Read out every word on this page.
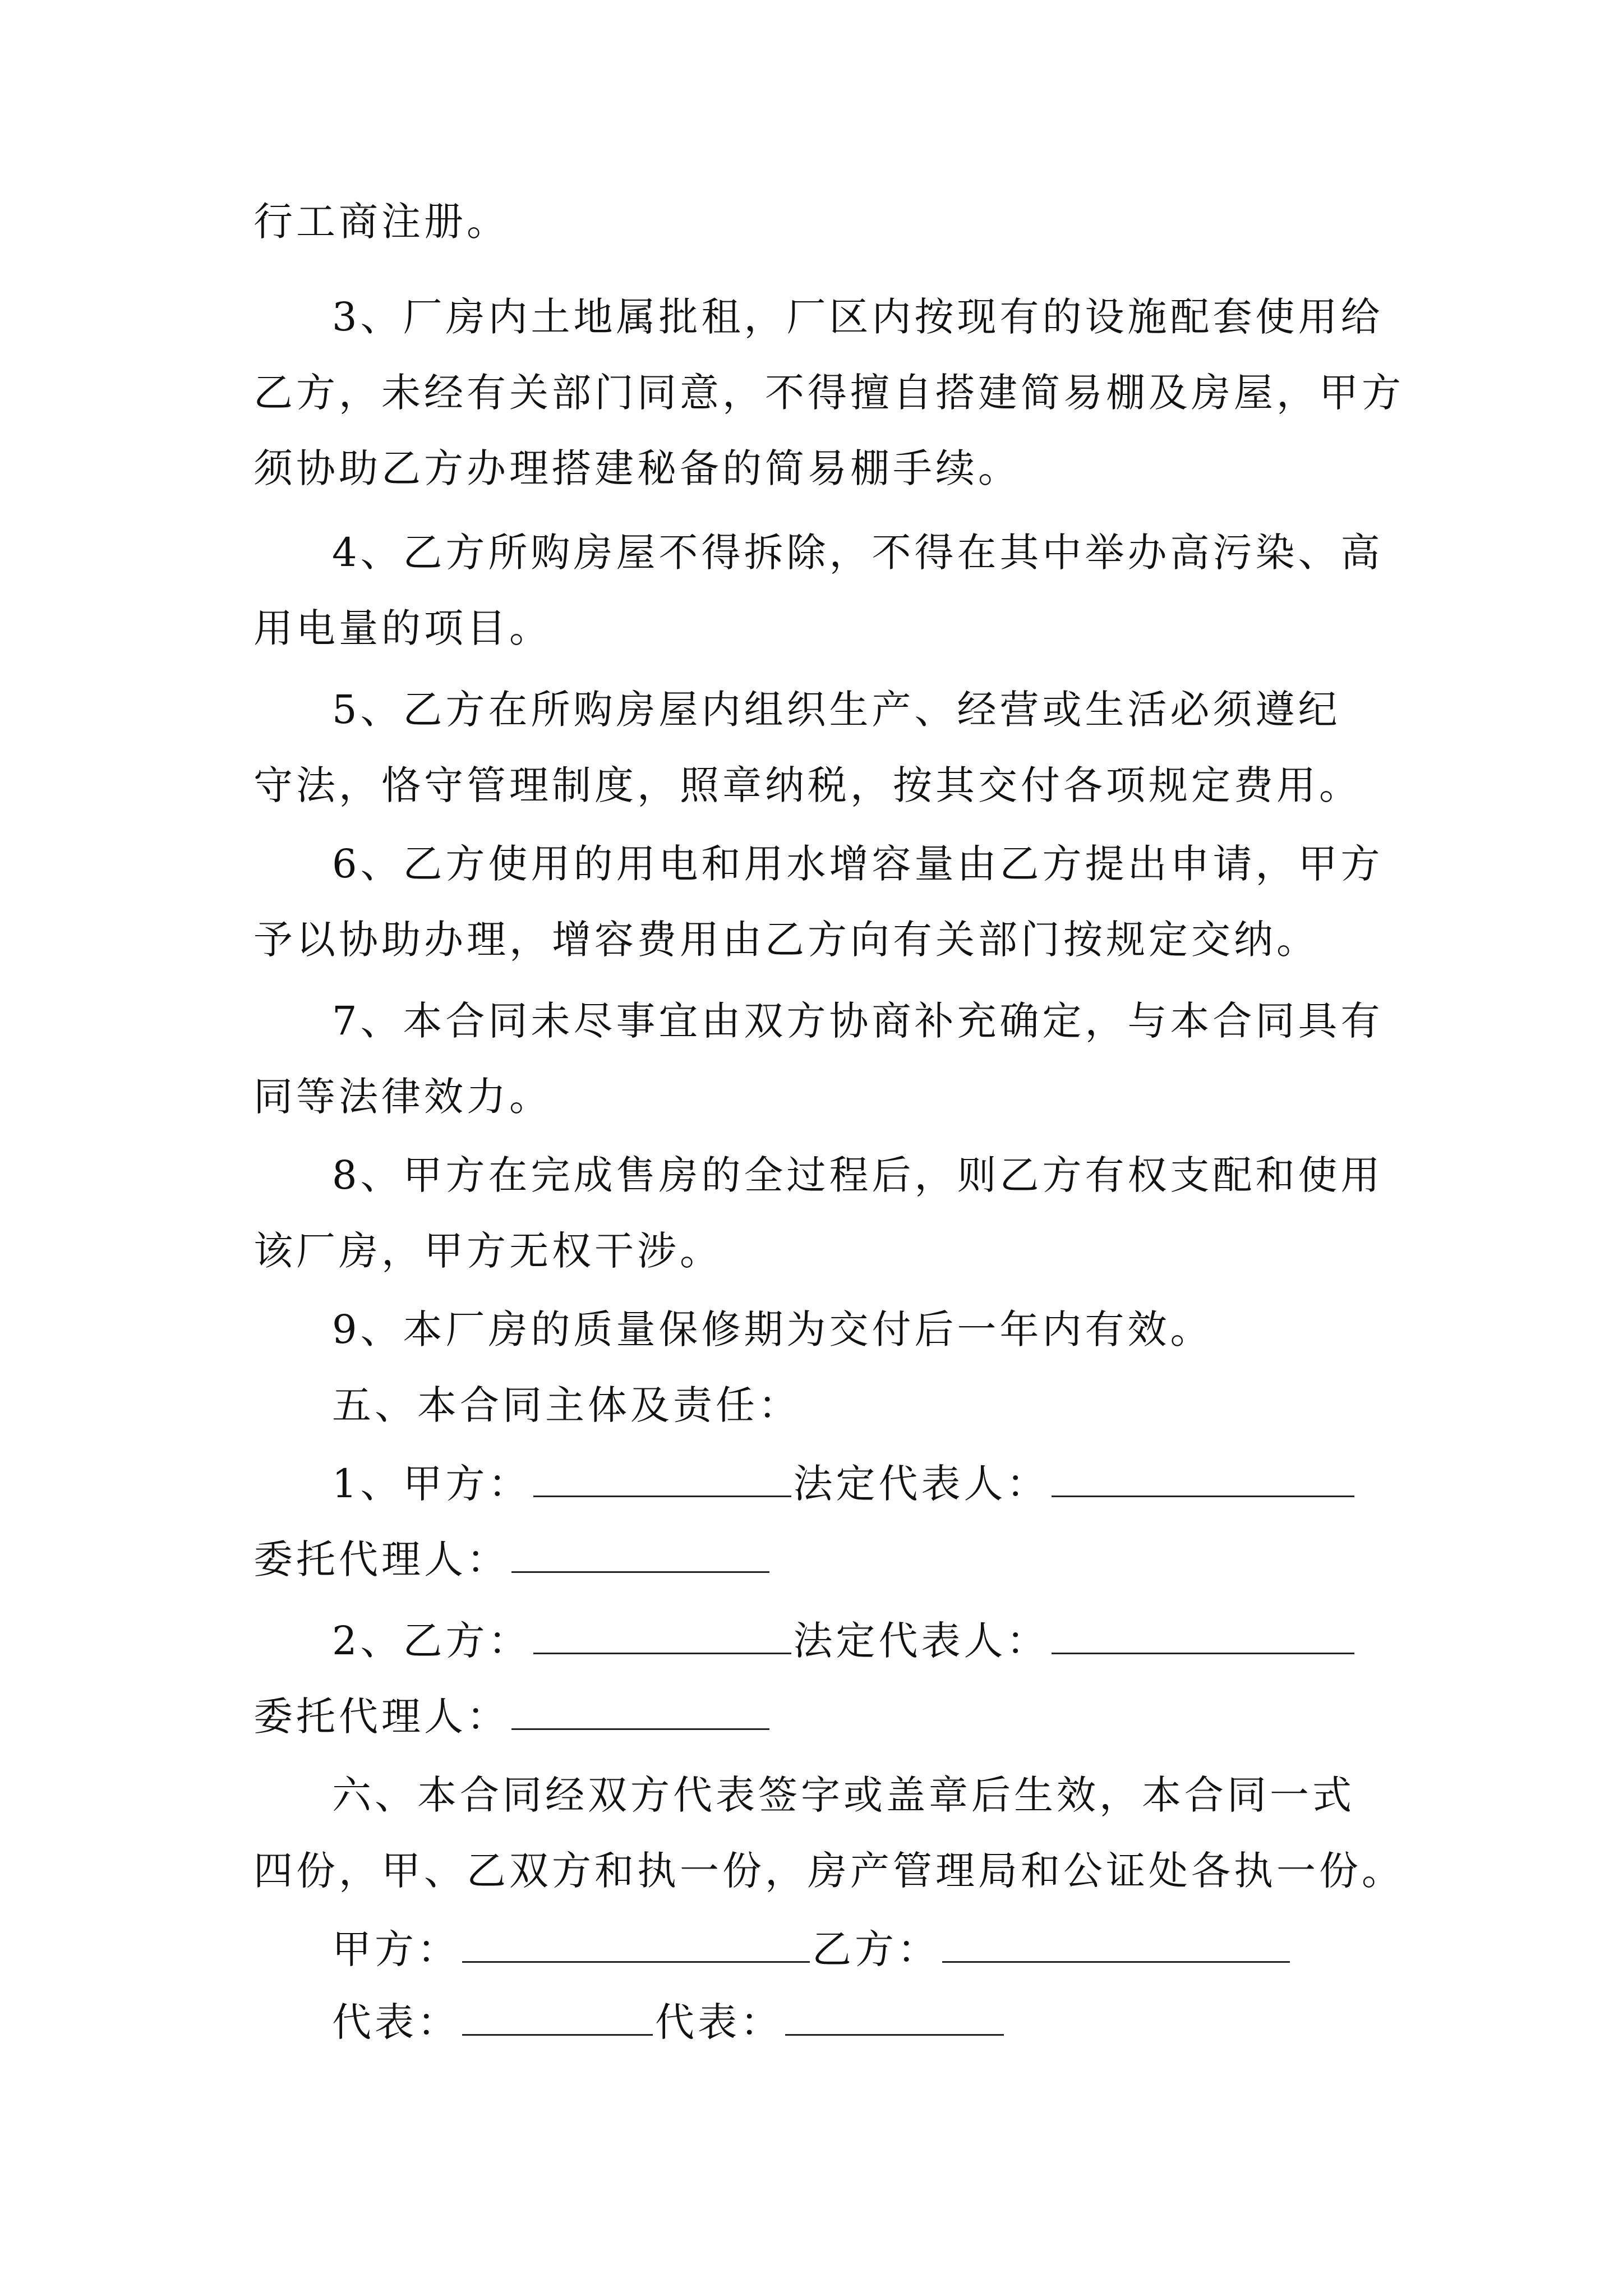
行工商注册。
3、厂房内土地属批租，厂区内按现有的设施配套使用给
乙方，未经有关部门同意，不得擅自搭建简易棚及房屋，甲方
须协助乙方办理搭建秘备的简易棚手续。
4、乙方所购房屋不得拆除，不得在其中举办高污染、高
用电量的项目。
5、乙方在所购房屋内组织生产、经营或生活必须遵纪
守法，恪守管理制度，照章纳税，按其交付各项规定费用。
6、乙方使用的用电和用水增容量由乙方提出申请，甲方
予以协助办理，增容费用由乙方向有关部门按规定交纳。
7、本合同未尽事宜由双方协商补充确定，与本合同具有
同等法律效力。
8、甲方在完成售房的全过程后，则乙方有权支配和使用
该厂房，甲方无权干涉。
9、本厂房的质量保修期为交付后一年内有效。
五、本合同主体及责任：
1、甲方：	法定代表人：
委托代理人：
2、乙方：	法定代表人：
委托代理人：
六、本合同经双方代表签字或盖章后生效，本合同一式
四份，甲、乙双方和执一份，房产管理局和公证处各执一份。
甲方：	乙方：
代表：	代表：
